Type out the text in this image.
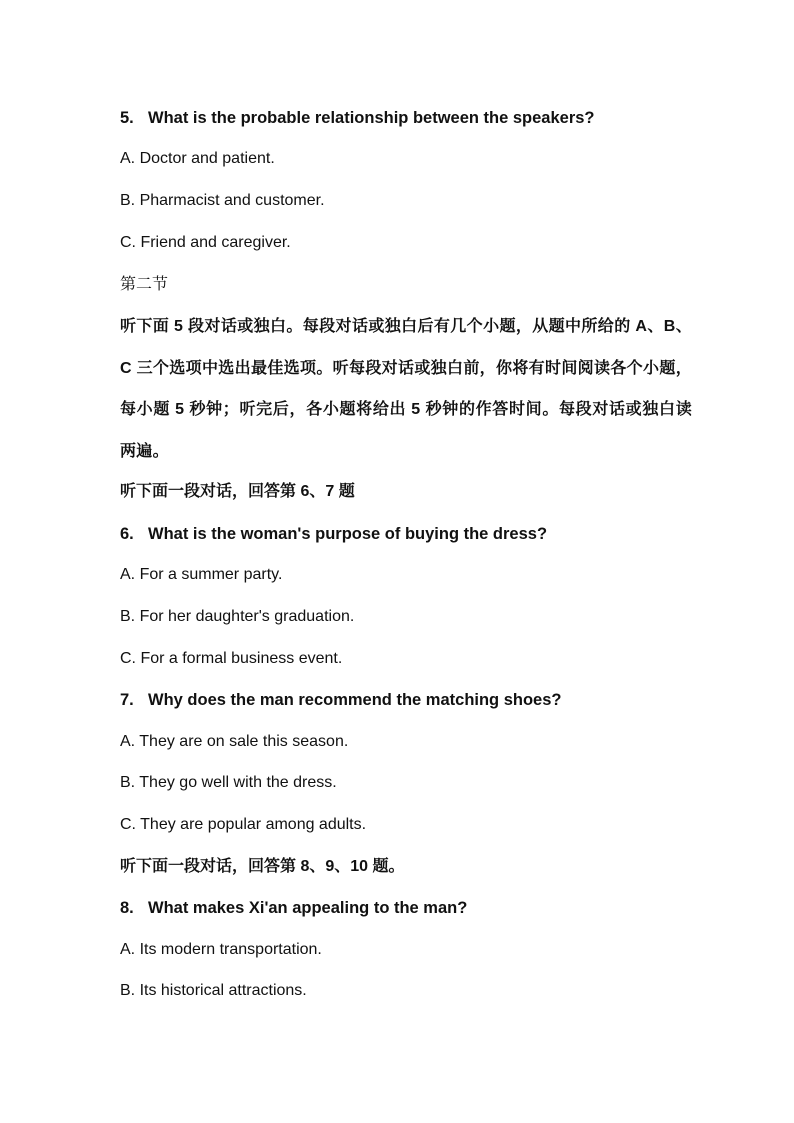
5. What is the probable relationship between the speakers?

A. Doctor and patient.

B. Pharmacist and customer.

C. Friend and caregiver.

第二节

听下面 5 段对话或独白。每段对话或独白后有几个小题，从题中所给的 A、B、C 三个选项中选出最佳选项。听每段对话或独白前，你将有时间阅读各个小题，每小题 5 秒钟；听完后，各小题将给出 5 秒钟的作答时间。每段对话或独白读两遍。

听下面一段对话，回答第 6、7 题

6. What is the woman's purpose of buying the dress?

A. For a summer party.

B. For her daughter's graduation.

C. For a formal business event.

7. Why does the man recommend the matching shoes?

A. They are on sale this season.

B. They go well with the dress.

C. They are popular among adults.

听下面一段对话，回答第 8、9、10 题。

8. What makes Xi'an appealing to the man?

A. Its modern transportation.

B. Its historical attractions.
